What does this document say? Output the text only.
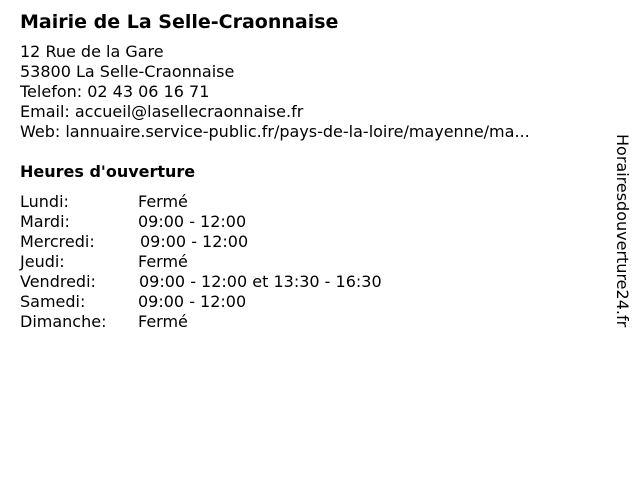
Mairie de La Selle-Craonnaise
12 Rue de la Gare
53800 La Selle-Craonnaise
Telefon: 02 43 06 16 71
Email: accueil@lasellecraonnaise.fr
Web: lannuaire.service-public.fr/pays-de-la-loire/mayenne/ma...
Heures d'ouverture
Lundi:	Fermé
Mardi:	09:00 - 12:00
Mercredi:	09:00 - 12:00
Jeudi:	Fermé
Vendredi:	09:00 - 12:00 et 13:30 - 16:30
Samedi:	09:00 - 12:00
Dimanche: Fermé	Horairesdouverture24.fr
